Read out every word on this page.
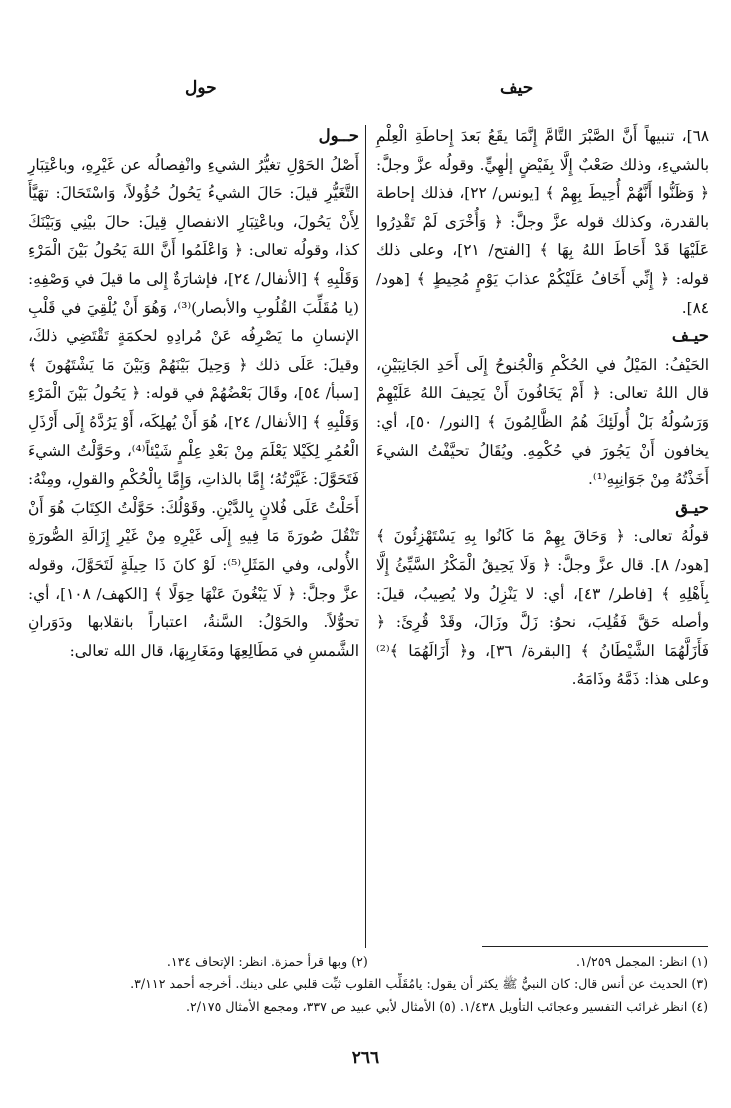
حيف
حول

٦٨]، تنبيهاً أَنَّ الصَّبْرَ التَّامَّ إِنَّمَا يقَعُ بَعدَ إِحاطَةِ الْعِلْمِ بالشيءِ، وذلك صَعْبٌ إِلَّا بِفَيْضٍ إلٰهِيٍّ. وقولُه عزَّ وجلَّ: ﴿ وَظَنُّوا أَنَّهُمْ أُحِيطَ بِهِمْ ﴾ [يونس/ ٢٢]، فذلك إحاطة بالقدرة، وكذلك قوله عزَّ وجلَّ: ﴿ وَأُخْرَى لَمْ تَقْدِرُوا عَلَيْهَا قَدْ أَحَاطَ اللهُ بِهَا ﴾ [الفتح/ ٢١]، وعلى ذلك قوله: ﴿ إِنِّي أَخَافُ عَلَيْكُمْ عذابَ يَوْمٍ مُحِيطٍ ﴾ [هود/ ٨٤].

حيـف

الحَيْفُ: المَيْلُ في الحُكْمِ وَالْجُنوحُ إِلَى أَحَدِ الجَانِبَيْنِ، قال اللهُ تعالى: ﴿ أَمْ يَخَافُونَ أَنْ يَحِيفَ اللهُ عَلَيْهِمْ وَرَسُولُهُ بَلْ أُولَئِكَ هُمُ الظَّالِمُونَ ﴾ [النور/ ٥٠]، أي: يخافون أَنْ يَجُورَ في حُكْمِهِ. ويُقَالُ تحيَّفْتُ الشيءَ أَخَذْتُهُ مِنْ جَوَانِبِهِ⁽¹⁾.

حيـق

قولُهُ تعالى: ﴿ وَحَاقَ بِهِمْ مَا كَانُوا بِهِ يَسْتَهْزِئُونَ ﴾ [هود/ ٨]. قال عزَّ وجلَّ: ﴿ وَلَا يَحِيقُ الْمَكْرُ السَّيِّئُ إِلَّا بِأَهْلِهِ ﴾ [فاطر/ ٤٣]، أي: لا يَنْزِلُ ولا يُصِيبُ، قيلَ: وأصله حَقَّ فَقُلِبَ، نحوُ: زَلَّ وزَالَ، وقَدْ قُرِئَ: ﴿ فَأَزَلَّهُمَا الشَّيْطَانُ ﴾ [البقرة/ ٣٦]، و﴿ أَزَالَهُمَا ﴾⁽²⁾ وعلى هذا: ذَمَّهُ وذَامَهُ.

حــول

أَصْلُ الحَوْلِ تغيُّرُ الشيءِ وانْفِصالُه عن غَيْرِهِ، وباعْتِبَارِ التَّغَيُّرِ قيلَ: حَالَ الشيءُ يَحُولُ حُؤُولاً، وَاسْتَحَالَ: تهَيَّأَ لِأَنْ يَحُولَ، وباعْتِبَارِ الانفصالِ قِيلَ: حالَ بيْنِي وَبَيْنَكَ كذا، وقولُه تعالى: ﴿ وَاعْلَمُوا أَنَّ اللهَ يَحُولُ بَيْنَ الْمَرْءِ وَقَلْبِهِ ﴾ [الأنفال/ ٢٤]، فإشارَةٌ إِلى ما قيلَ في وَصْفِهِ: (يا مُقَلِّبَ القُلُوبِ والأبصار)⁽³⁾، وَهُوَ أَنْ يُلْقِيَ في قَلْبِ الإنسانِ ما يَصْرِفُه عَنْ مُرادِهِ لحكمَةٍ تَقْتَضِي ذلكَ، وقيلَ: عَلَى ذلك ﴿ وَحِيلَ بَيْنَهُمْ وَبَيْنَ مَا يَشْتَهُونَ ﴾ [سبأ/ ٥٤]، وقَالَ بَعْضُهُمْ في قوله: ﴿ يَحُولُ بَيْنَ الْمَرْءِ وَقَلْبِهِ ﴾ [الأنفال/ ٢٤]، هُوَ أَنْ يُهلِكَه، أَوْ يَرُدَّهُ إِلَى أَرْذَلِ الْعُمُرِ لِكَيْلا يَعْلَمَ مِنْ بَعْدِ عِلْمٍ شَيْئاً⁽⁴⁾، وحَوَّلْتُ الشيءَ فَتَحَوَّلَ: غَيَّرْتُهُ؛ إِمَّا بالذاتِ، وَإِمَّا بِالْحُكْمِ والقولِ، ومِنْهُ: أَحَلْتُ عَلَى فُلانٍ بِالدَّيْنِ. وقَوْلُكَ: حَوَّلْتُ الكِتَابَ هُوَ أَنْ تَنْقُلَ صُورَةَ مَا فِيهِ إِلَى غَيْرِهِ مِنْ غَيْرِ إِزَالَةِ الصُّورَةِ الأُولى، وفي المَثَلِ⁽⁵⁾: لَوْ كانَ ذَا حِيلَةٍ لَتَحَوَّلَ، وقوله عزَّ وجلَّ: ﴿ لَا يَبْغُونَ عَنْهَا حِوَلًا ﴾ [الكهف/ ١٠٨]، أي: تحوُّلاً. والحَوْلُ: السَّنةُ، اعتباراً بانقلابها ودَوَرانِ الشَّمسِ في مَطَالِعِهَا ومَغَارِبِهَا، قال الله تعالى:

(١) انظر: المجمل ١/٢٥٩.                                                    (٢) وبها قرأ حمزة. انظر: الإتحاف ١٣٤.
(٣) الحديث عن أنس قال: كان النبيُّ ﷺ يكثر أن يقول: يامُقَلِّب القلوب ثبِّت قلبي على دينك. أخرجه أحمد ٣/١١٢.
(٤) انظر غرائب التفسير وعجائب التأويل ١/٤٣٨. (٥) الأمثال لأبي عبيد ص ٣٣٧، ومجمع الأمثال ٢/١٧٥.
٢٦٦
